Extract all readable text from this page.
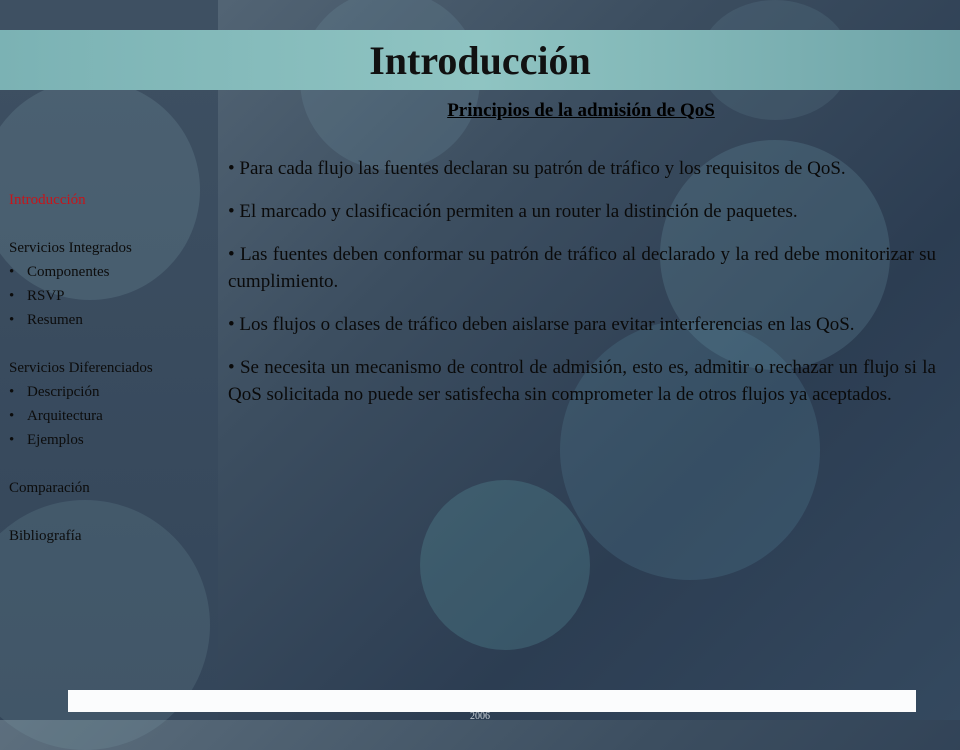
Introducción
Principios de la admisión de QoS
• Para cada flujo las fuentes declaran su patrón de tráfico y los requisitos de QoS.
• El marcado y clasificación permiten a un router la distinción de paquetes.
• Las fuentes deben conformar su patrón de tráfico al declarado y la red debe monitorizar su cumplimiento.
• Los flujos o clases de tráfico deben aislarse para evitar interferencias en las QoS.
• Se necesita un mecanismo de control de admisión, esto es, admitir o rechazar un flujo si la QoS solicitada no puede ser satisfecha sin comprometer la de otros flujos ya aceptados.
Introducción
Servicios Integrados
• Componentes
• RSVP
• Resumen
Servicios Diferenciados
• Descripción
• Arquitectura
• Ejemplos
Comparación
Bibliografía
2006
